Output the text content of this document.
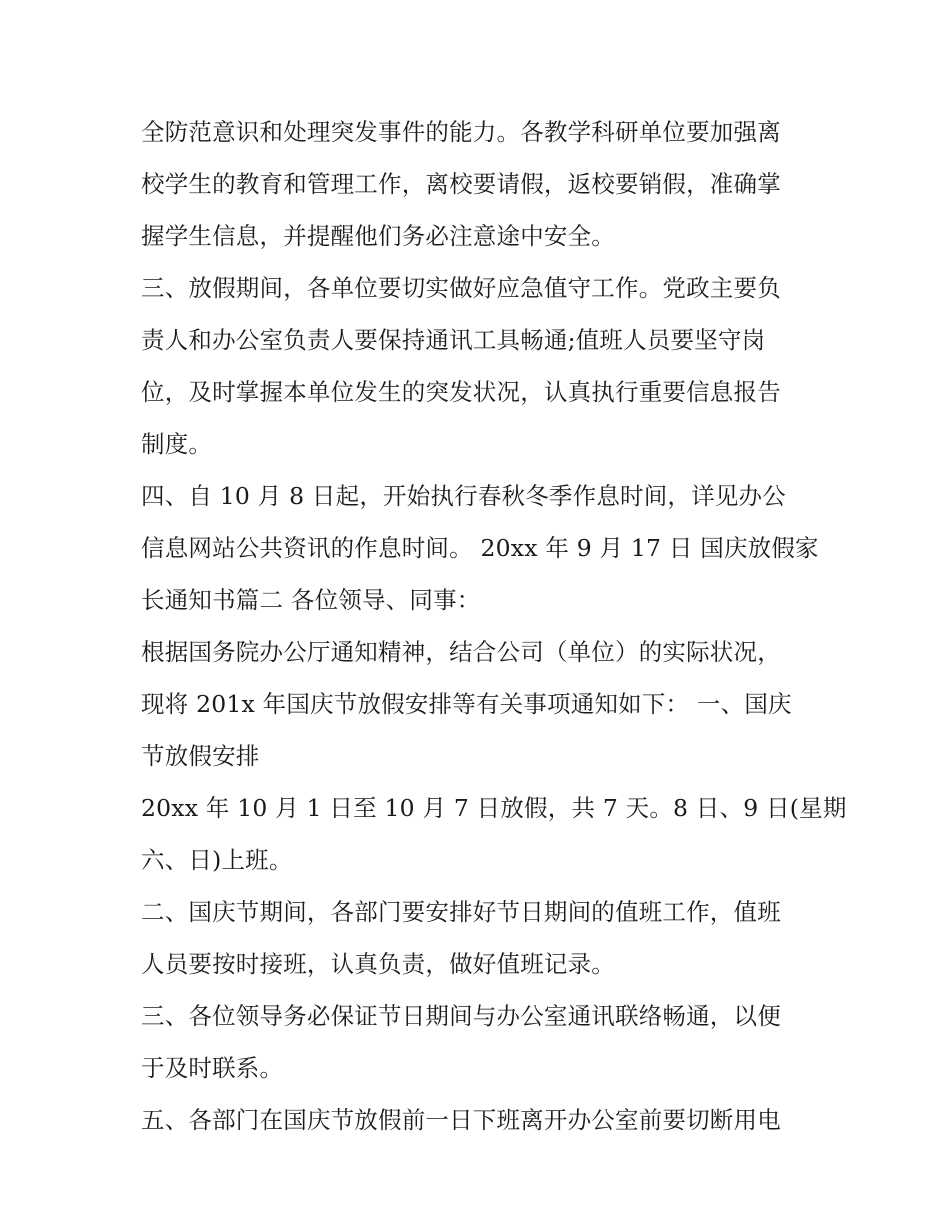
全防范意识和处理突发事件的能力。各教学科研单位要加强离
校学生的教育和管理工作，离校要请假，返校要销假，准确掌
握学生信息，并提醒他们务必注意途中安全。
三、放假期间，各单位要切实做好应急值守工作。党政主要负
责人和办公室负责人要保持通讯工具畅通;值班人员要坚守岗
位，及时掌握本单位发生的突发状况，认真执行重要信息报告
制度。
四、自 10 月 8 日起，开始执行春秋冬季作息时间，详见办公
信息网站公共资讯的作息时间。 20xx 年 9 月 17 日 国庆放假家
长通知书篇二 各位领导、同事：
根据国务院办公厅通知精神，结合公司（单位）的实际状况，
现将 201x 年国庆节放假安排等有关事项通知如下： 一、国庆
节放假安排
20xx 年 10 月 1 日至 10 月 7 日放假，共 7 天。8 日、9 日(星期
六、日)上班。
二、国庆节期间，各部门要安排好节日期间的值班工作，值班
人员要按时接班，认真负责，做好值班记录。
三、各位领导务必保证节日期间与办公室通讯联络畅通，以便
于及时联系。
五、各部门在国庆节放假前一日下班离开办公室前要切断用电
